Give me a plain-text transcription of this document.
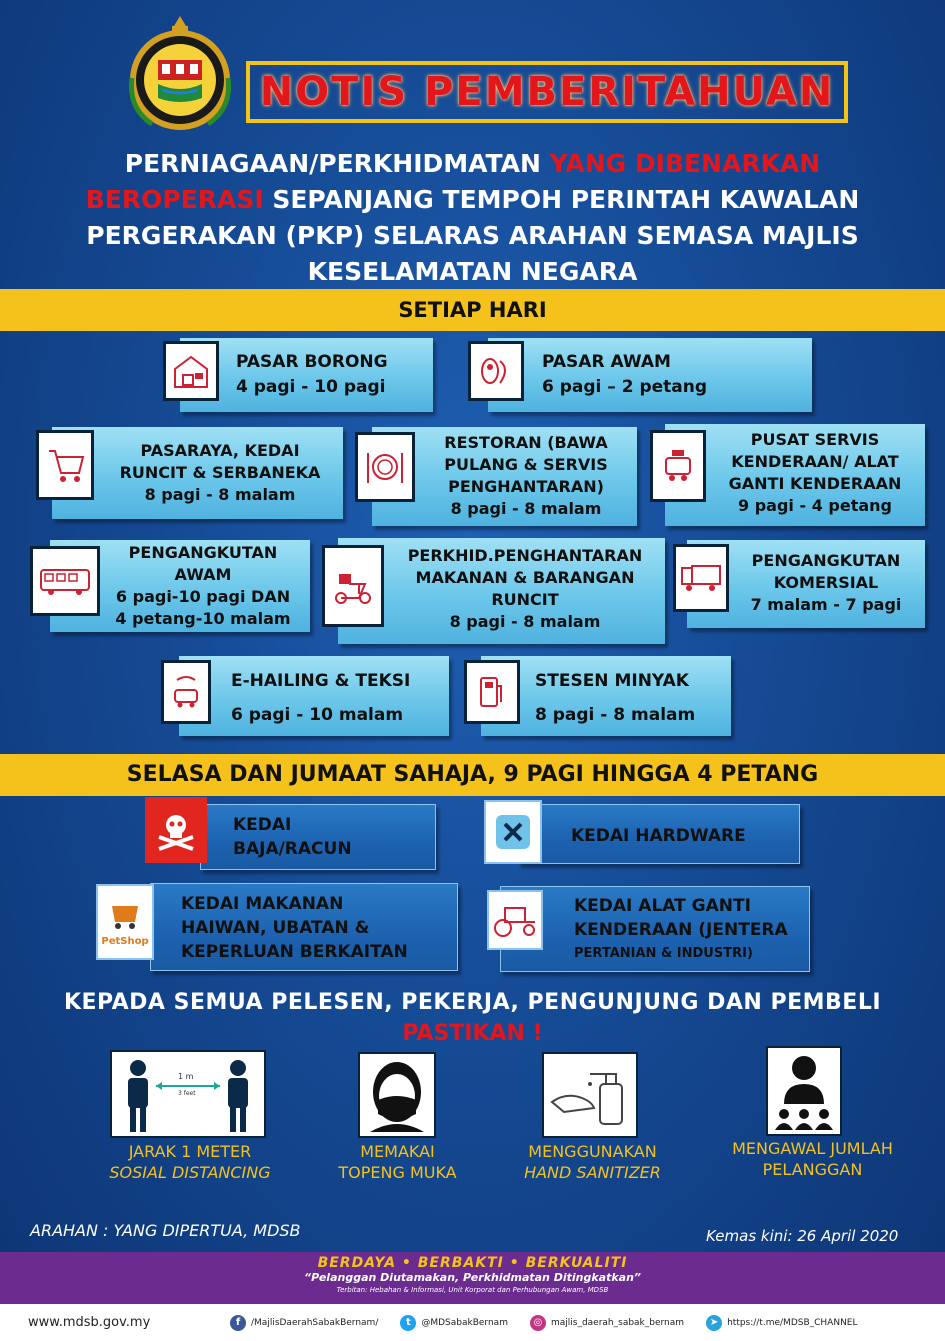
NOTIS PEMBERITAHUAN
PERNIAGAAN/PERKHIDMATAN YANG DIBENARKAN
BEROPERASI SEPANJANG TEMPOH PERINTAH KAWALAN
PERGERAKAN (PKP) SELARAS ARAHAN SEMASA MAJLIS
KESELAMATAN NEGARA
SETIAP HARI
PASAR BORONG
4 pagi - 10 pagi
PASAR AWAM
6 pagi – 2 petang
PASARAYA, KEDAI
RUNCIT & SERBANEKA
8 pagi - 8 malam
RESTORAN (BAWA
PULANG & SERVIS
PENGHANTARAN)
8 pagi - 8 malam
PUSAT SERVIS
KENDERAAN/ ALAT
GANTI KENDERAAN
9 pagi - 4 petang
PENGANGKUTAN
AWAM
6 pagi-10 pagi DAN
4 petang-10 malam
PERKHID.PENGHANTARAN
MAKANAN & BARANGAN
RUNCIT
8 pagi - 8 malam
PENGANGKUTAN
KOMERSIAL
7 malam - 7 pagi
E-HAILING & TEKSI
6 pagi - 10 malam
STESEN MINYAK
8 pagi - 8 malam
SELASA DAN JUMAAT SAHAJA, 9 PAGI HINGGA 4 PETANG
KEDAI
BAJA/RACUN
KEDAI HARDWARE
KEDAI MAKANAN
HAIWAN, UBATAN &
KEPERLUAN BERKAITAN
PetShop
KEDAI ALAT GANTI
KENDERAAN (JENTERA
PERTANIAN & INDUSTRI)
KEPADA SEMUA PELESEN, PEKERJA, PENGUNJUNG DAN PEMBELI
PASTIKAN !
1 m
3 feet
JARAK 1 METER
SOSIAL DISTANCING
MEMAKAI
TOPENG MUKA
MENGGUNAKAN
HAND SANITIZER
MENGAWAL JUMLAH
PELANGGAN
ARAHAN : YANG DIPERTUA, MDSB	Kemas kini: 26 April 2020
BERDAYA • BERBAKTI • BERKUALITI
“Pelanggan Diutamakan, Perkhidmatan Ditingkatkan”
Terbitan: Hebahan & Informasi, Unit Korporat dan Perhubungan Awam, MDSB
www.mdsb.gov.my	f	/MajlisDaerahSabakBernam/	t	@MDSabakBernam	◎ majlis_daerah_sabak_bernam	➤ https://t.me/MDSB_CHANNEL
